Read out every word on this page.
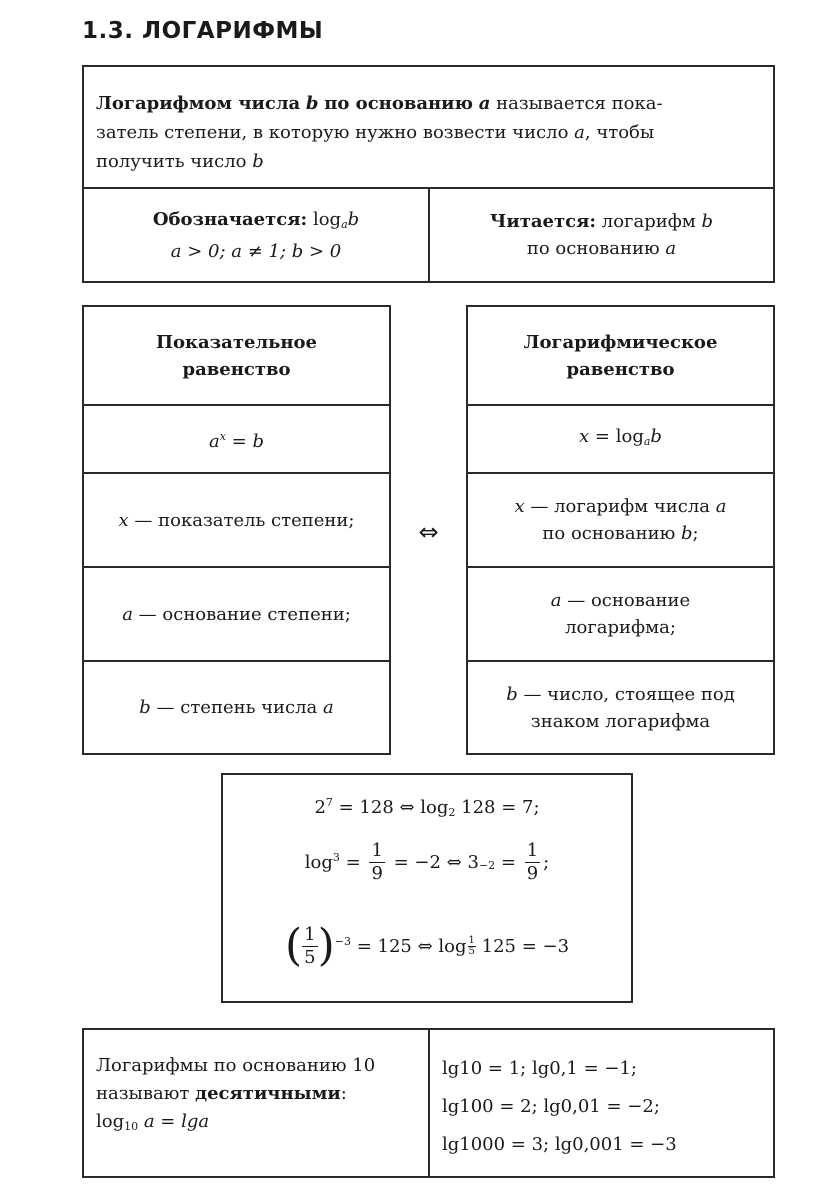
1.3. ЛОГАРИФМЫ
Логарифмом числа b по основанию a называется пока-
затель степени, в которую нужно возвести число a, чтобы
получить число b
Обозначается: $\log_ab$
a > 0; a ≠ 1; b > 0
Читается: логарифм b
по основанию a
Показательное
равенство
$a^x = b$
x — показатель степени;
a — основание степени;
b — степень числа a
⇔
Логарифмическое
равенство
$x = \log_ab$
x — логарифм числа a
по основанию b;
a — основание
логарифма;
b — число, стоящее под
знаком логарифма
$2^7 = 128$ ⇔ $\log_2 128 = 7$;
$\log^3 = \frac{1}{9} = -2$ ⇔ $3 -2 = \frac{1}{9}$ ;
( $\frac{1}{5} )^{-3} = 125$ ⇔ $\log \frac{1}{5} 125 = -3$
Логарифмы по основанию 10
называют десятичными:
$\log_{10} a = \lg a$
lg10 = 1; lg0,1 = −1;
lg100 = 2; lg0,01 = −2;
lg1000 = 3; lg0,001 = −3
